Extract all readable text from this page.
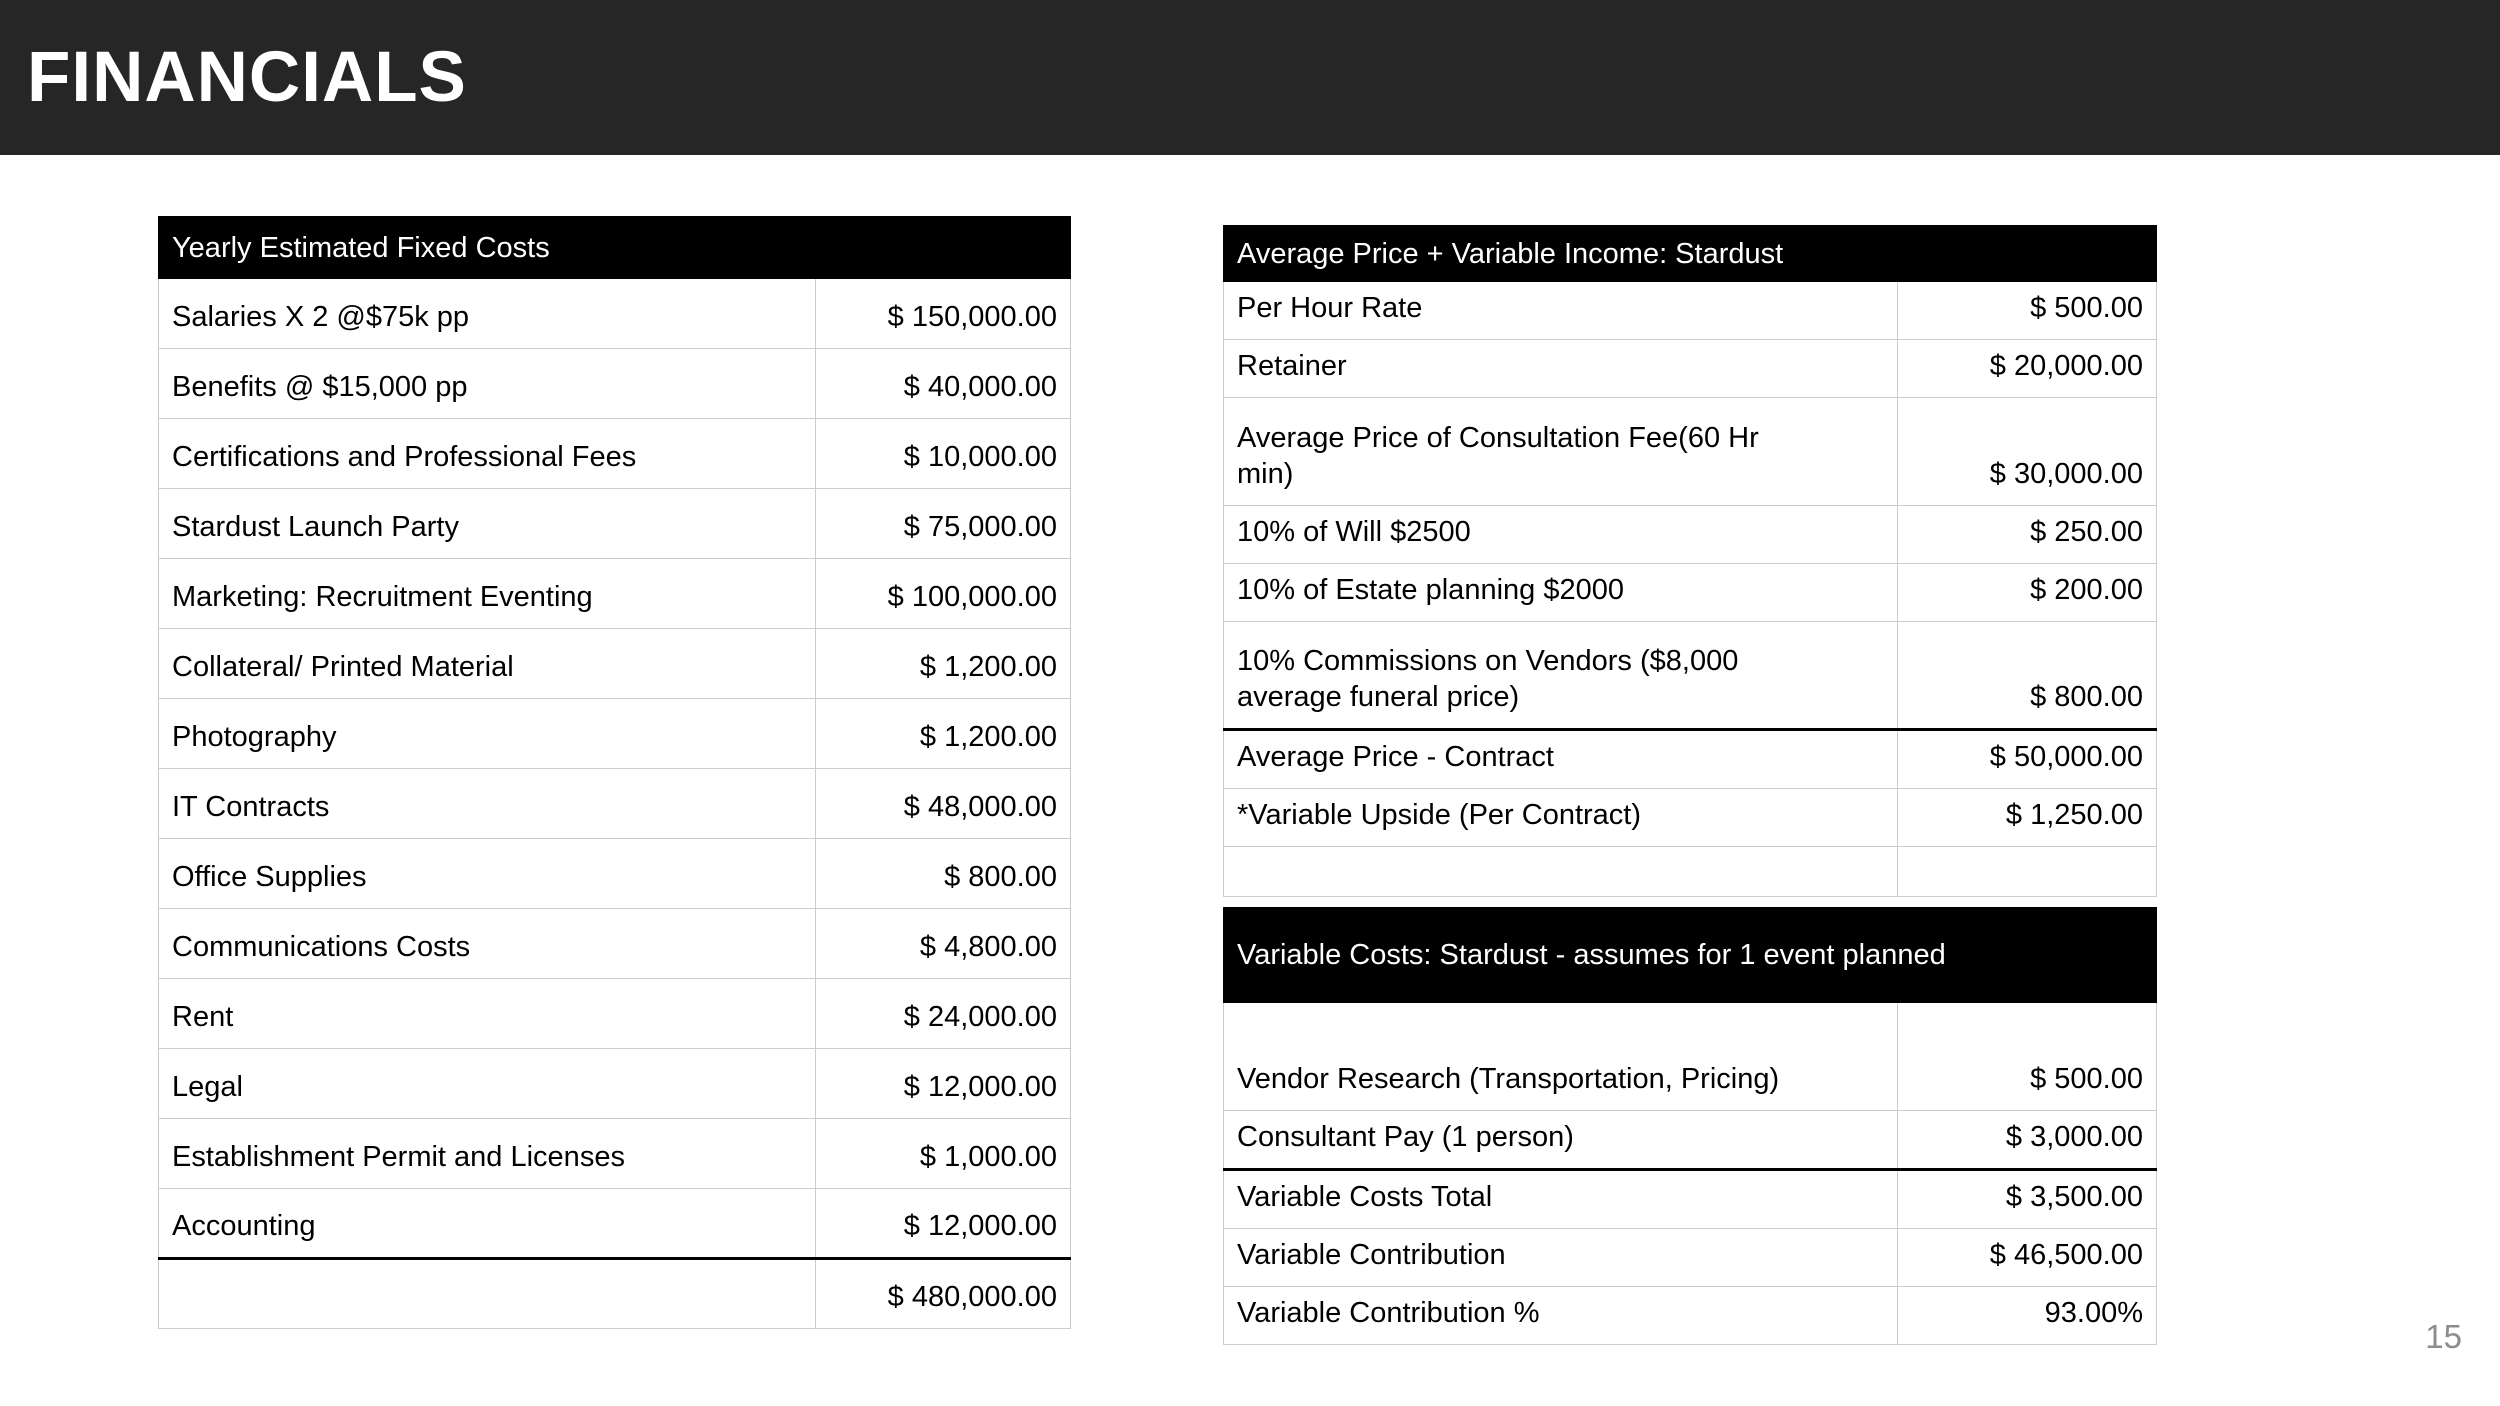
FINANCIALS
Yearly Estimated Fixed Costs	
Salaries X 2 @$75k pp	$ 150,000.00
Benefits @ $15,000 pp	$ 40,000.00
Certifications and Professional Fees	$ 10,000.00
Stardust Launch Party	$ 75,000.00
Marketing: Recruitment Eventing	$ 100,000.00
Collateral/ Printed Material	$ 1,200.00
Photography	$ 1,200.00
IT Contracts	$ 48,000.00
Office Supplies	$ 800.00
Communications Costs	$ 4,800.00
Rent	$ 24,000.00
Legal	$ 12,000.00
Establishment Permit and Licenses	$ 1,000.00
Accounting	$ 12,000.00
	$ 480,000.00
Average Price + Variable Income: Stardust	
Per Hour Rate	$ 500.00
Retainer	$ 20,000.00
Average Price of Consultation Fee(60 Hr min)	$ 30,000.00
10% of Will $2500	$ 250.00
10% of Estate planning $2000	$ 200.00
10% Commissions on Vendors ($8,000 average funeral price)	$ 800.00
Average Price - Contract	$ 50,000.00
*Variable Upside (Per Contract)	$ 1,250.00

Variable Costs: Stardust - assumes for 1 event planned	
Vendor Research (Transportation, Pricing)	$ 500.00
Consultant Pay (1 person)	$ 3,000.00
Variable Costs Total	$ 3,500.00
Variable Contribution	$ 46,500.00
Variable Contribution %	93.00%
15
